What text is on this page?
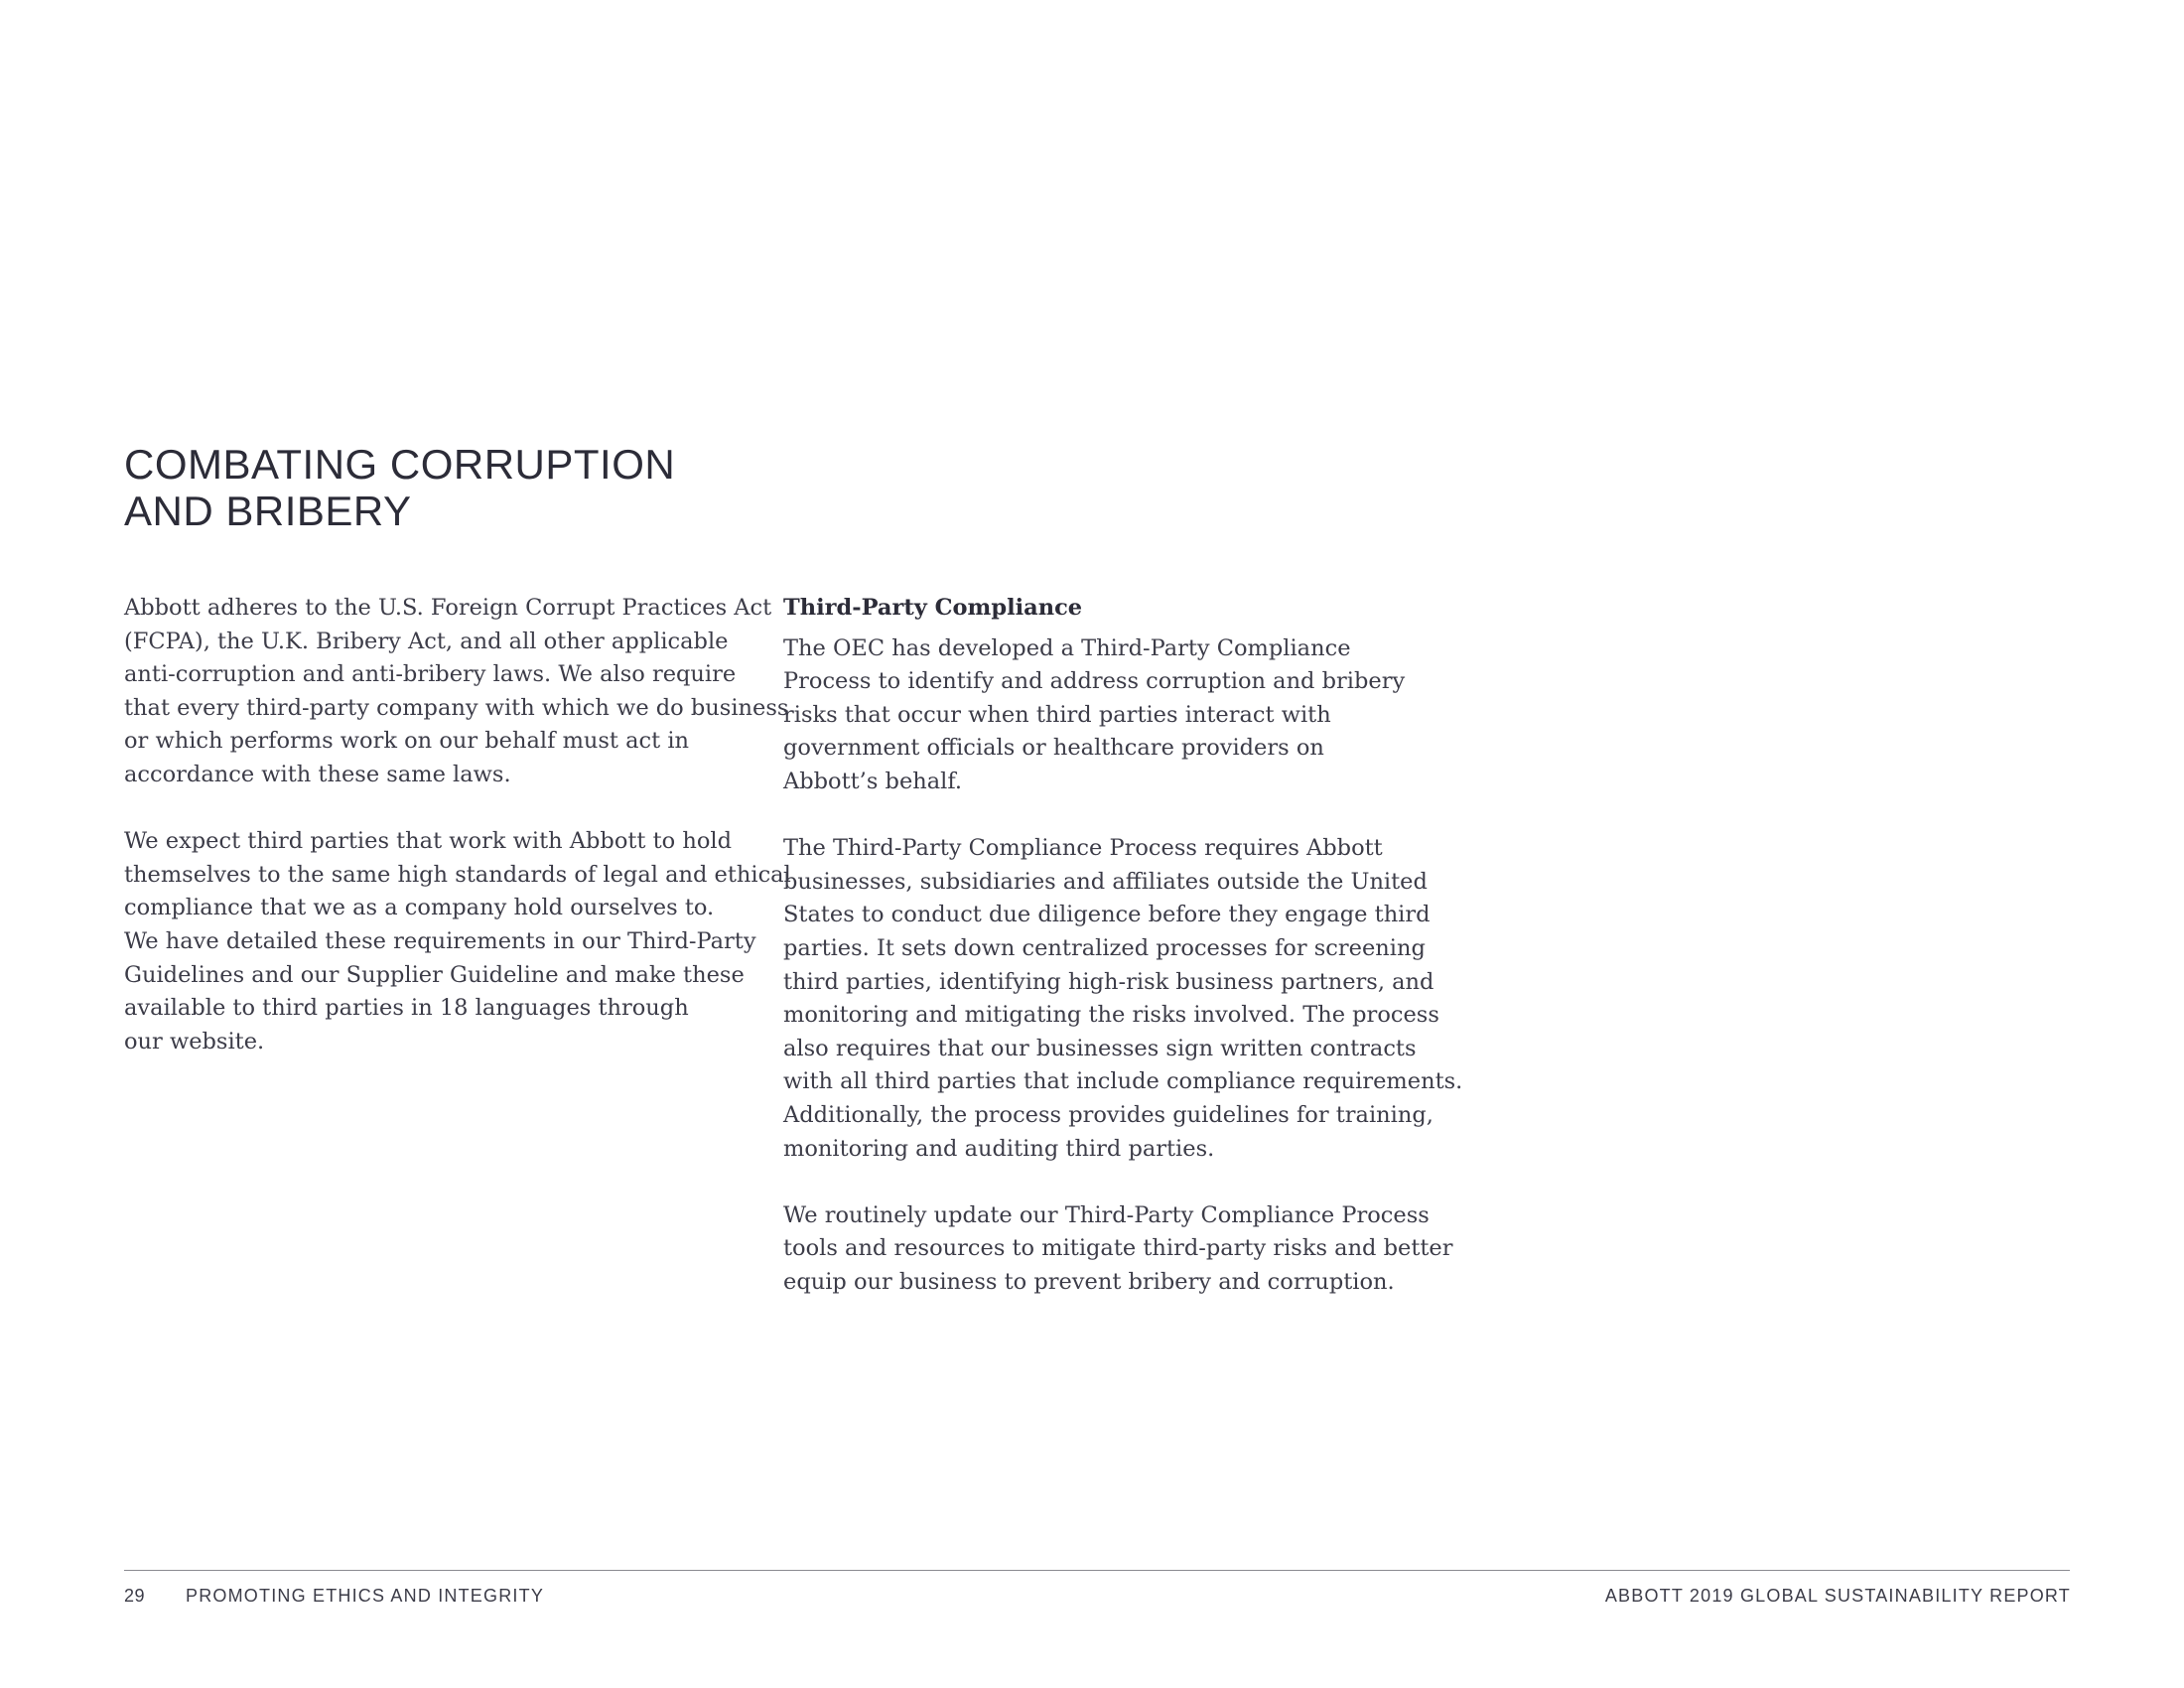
COMBATING CORRUPTION
AND BRIBERY

Abbott adheres to the U.S. Foreign Corrupt Practices Act
(FCPA), the U.K. Bribery Act, and all other applicable
anti-corruption and anti-bribery laws. We also require
that every third-party company with which we do business
or which performs work on our behalf must act in
accordance with these same laws.

We expect third parties that work with Abbott to hold
themselves to the same high standards of legal and ethical
compliance that we as a company hold ourselves to.
We have detailed these requirements in our Third-Party
Guidelines and our Supplier Guideline and make these
available to third parties in 18 languages through
our website.

Third-Party Compliance

The OEC has developed a Third-Party Compliance
Process to identify and address corruption and bribery
risks that occur when third parties interact with
government officials or healthcare providers on
Abbott’s behalf.

The Third-Party Compliance Process requires Abbott
businesses, subsidiaries and affiliates outside the United
States to conduct due diligence before they engage third
parties. It sets down centralized processes for screening
third parties, identifying high-risk business partners, and
monitoring and mitigating the risks involved. The process
also requires that our businesses sign written contracts
with all third parties that include compliance requirements.
Additionally, the process provides guidelines for training,
monitoring and auditing third parties.

We routinely update our Third-Party Compliance Process
tools and resources to mitigate third-party risks and better
equip our business to prevent bribery and corruption.

29 PROMOTING ETHICS AND INTEGRITY	ABBOTT 2019 GLOBAL SUSTAINABILITY REPORT
